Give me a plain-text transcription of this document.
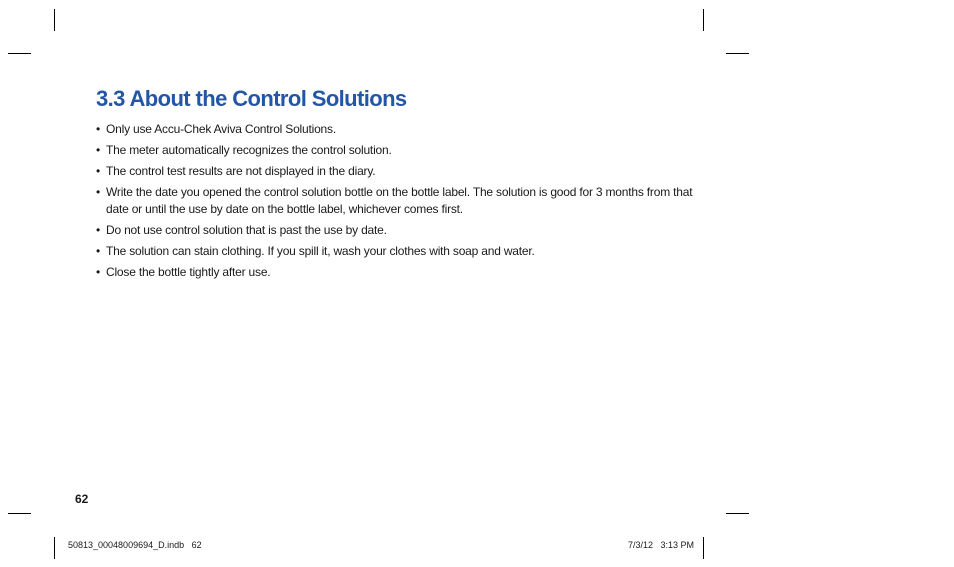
3.3 About the Control Solutions
• Only use Accu-Chek Aviva Control Solutions.
• The meter automatically recognizes the control solution.
• The control test results are not displayed in the diary.
• Write the date you opened the control solution bottle on the bottle label. The solution is good for 3 months from that date or until the use by date on the bottle label, whichever comes first.
• Do not use control solution that is past the use by date.
• The solution can stain clothing. If you spill it, wash your clothes with soap and water.
• Close the bottle tightly after use.
62
50813_00048009694_D.indb   62	7/3/12   3:13 PM
